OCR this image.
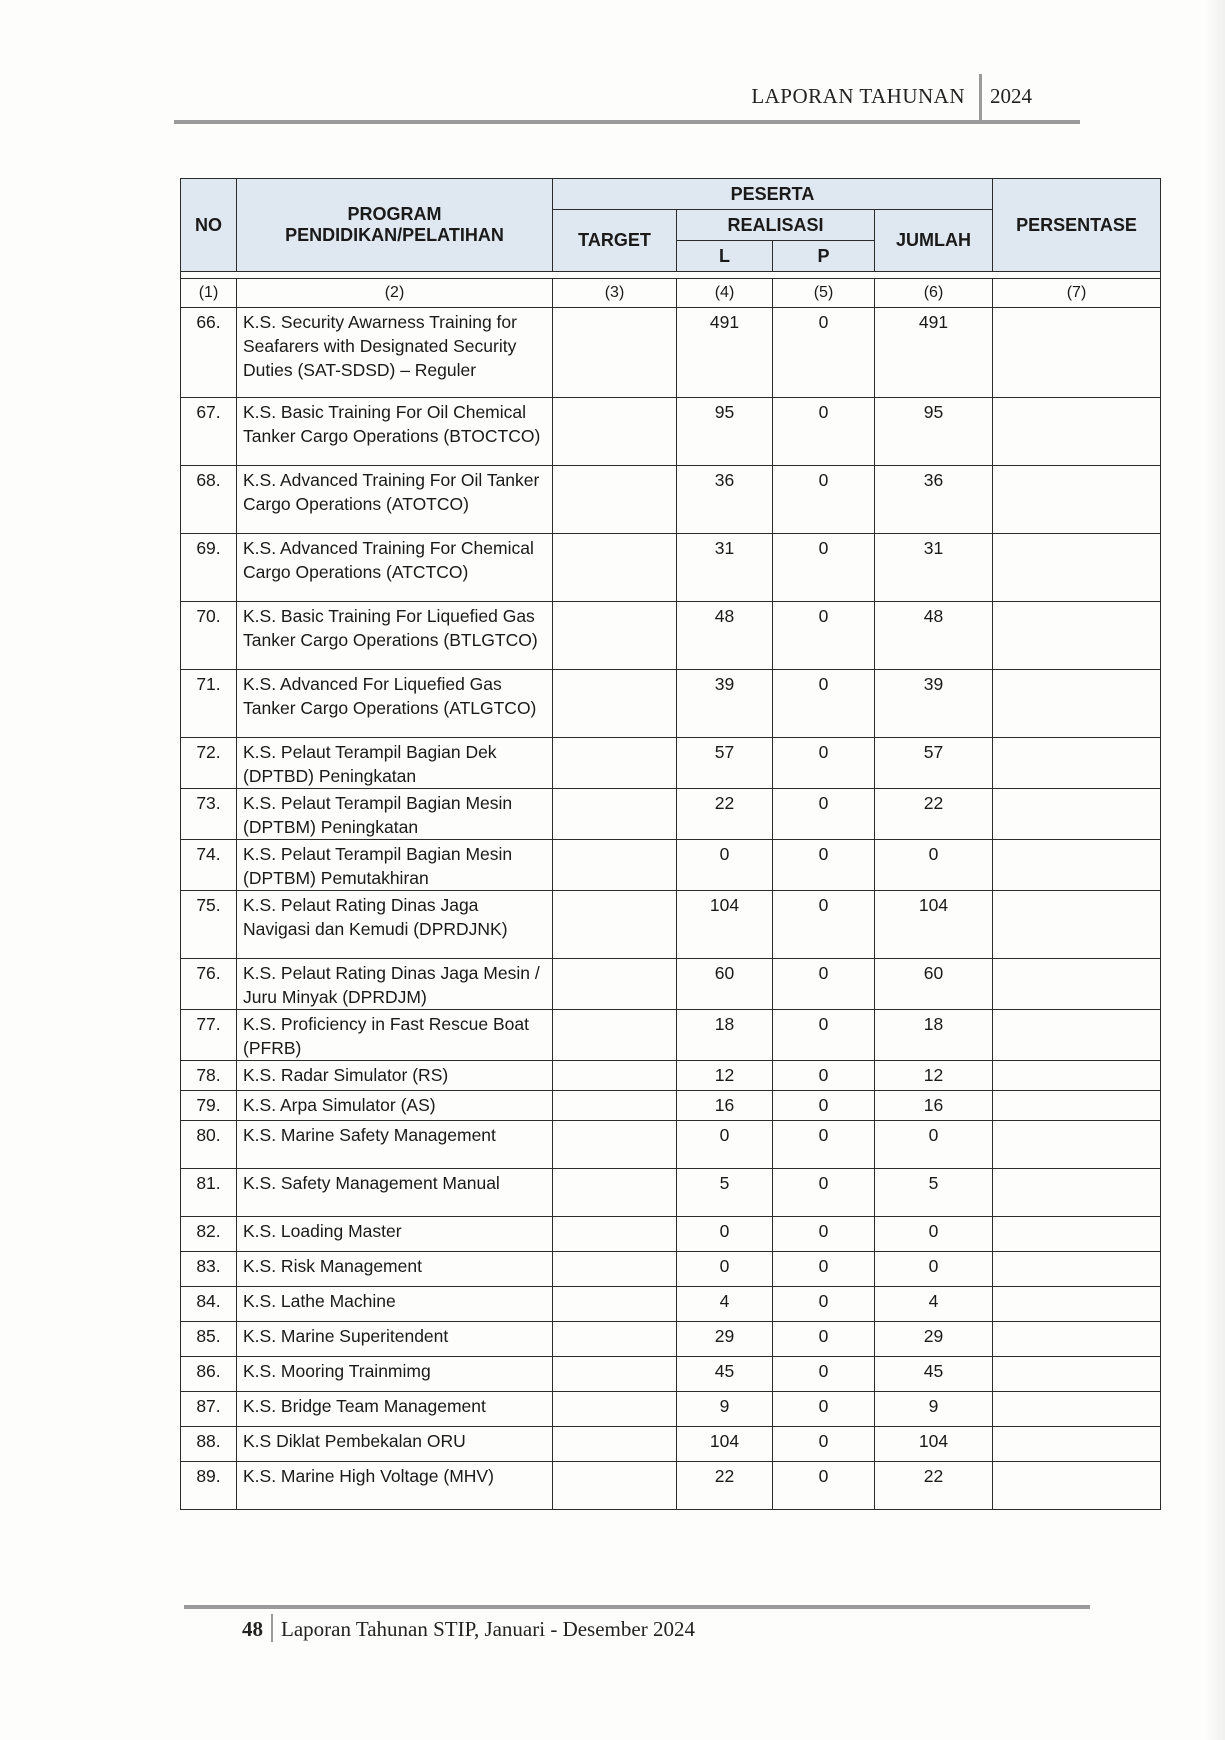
LAPORAN TAHUNAN 2024
NO	PROGRAM
PENDIDIKAN/PELATIHAN	PESERTA				PERSENTASE
		TARGET	REALISASI		JUMLAH	
			L	P		

(1)	(2)	(3)	(4)	(5)	(6)	(7)
66.	K.S. Security Awarness Training for Seafarers with Designated Security Duties (SAT-SDSD) – Reguler		491	0	491	
67.	K.S. Basic Training For Oil Chemical Tanker Cargo Operations (BTOCTCO)		95	0	95	
68.	K.S. Advanced Training For Oil Tanker Cargo Operations (ATOTCO)		36	0	36	
69.	K.S. Advanced Training For Chemical Cargo Operations (ATCTCO)		31	0	31	
70.	K.S. Basic Training For Liquefied Gas Tanker Cargo Operations (BTLGTCO)		48	0	48	
71.	K.S. Advanced For Liquefied Gas Tanker Cargo Operations (ATLGTCO)		39	0	39	
72.	K.S. Pelaut Terampil Bagian Dek (DPTBD) Peningkatan		57	0	57	
73.	K.S. Pelaut Terampil Bagian Mesin (DPTBM) Peningkatan		22	0	22	
74.	K.S. Pelaut Terampil Bagian Mesin (DPTBM) Pemutakhiran		0	0	0	
75.	K.S. Pelaut Rating Dinas Jaga Navigasi dan Kemudi (DPRDJNK)		104	0	104	
76.	K.S. Pelaut Rating Dinas Jaga Mesin / Juru Minyak (DPRDJM)		60	0	60	
77.	K.S. Proficiency in Fast Rescue Boat (PFRB)		18	0	18	
78.	K.S. Radar Simulator (RS)		12	0	12	
79.	K.S. Arpa Simulator (AS)		16	0	16	
80.	K.S. Marine Safety Management		0	0	0	
81.	K.S. Safety Management Manual		5	0	5	
82.	K.S. Loading Master		0	0	0	
83.	K.S. Risk Management		0	0	0	
84.	K.S. Lathe Machine		4	0	4	
85.	K.S. Marine Superitendent		29	0	29	
86.	K.S. Mooring Trainmimg		45	0	45	
87.	K.S. Bridge Team Management		9	0	9	
88.	K.S Diklat Pembekalan ORU		104	0	104	
89.	K.S. Marine High Voltage (MHV)		22	0	22	
48 Laporan Tahunan STIP, Januari - Desember 2024
